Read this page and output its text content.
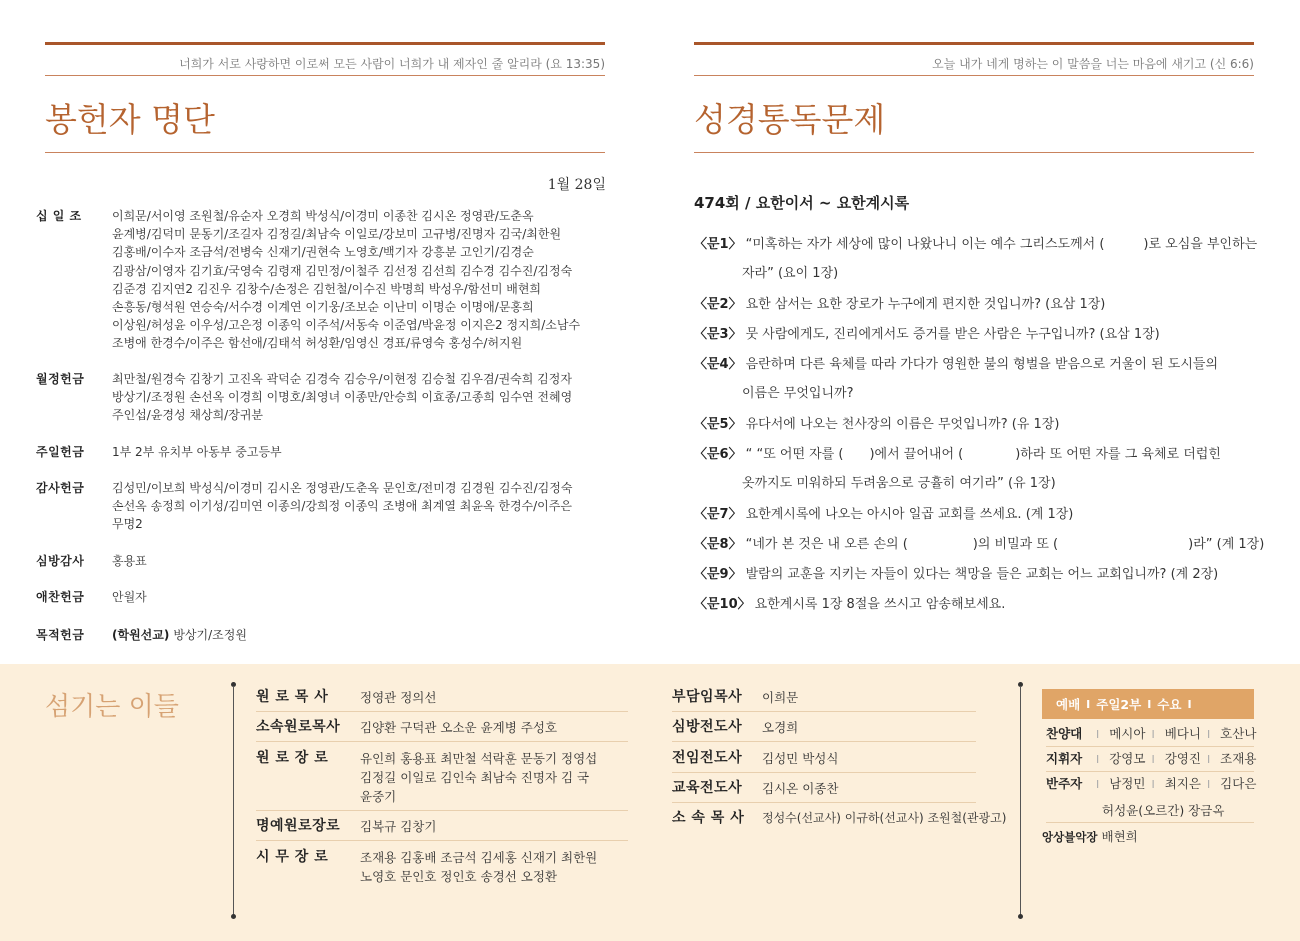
너희가 서로 사랑하면 이로써 모든 사람이 너희가 내 제자인 줄 알리라 (요 13:35)
봉헌자 명단
1월 28일
십 일 조	이희문/서이영 조원철/유순자 오경희 박성식/이경미 이종찬 김시온 정영관/도춘옥

윤계병/김덕미 문동기/조길자 김정길/최남숙 이일로/강보미 고규병/진명자 김국/최한원

김홍배/이수자 조금석/전병숙 신재기/권현숙 노영호/백기자 강흥분 고인기/김경순

김광삼/이영자 김기효/국영숙 김령재 김민정/이철주 김선정 김선희 김수경 김수진/김정숙

김준경 김지연2 김진우 김창수/손정은 김헌철/이수진 박명희 박성우/함선미 배현희

손흥동/형석원 연승숙/서수경 이계연 이기웅/조보순 이난미 이명순 이명애/문홍희

이상원/허성윤 이우성/고은정 이종익 이주석/서동숙 이준엽/박윤정 이지은2 정지희/소남수

조병애 한경수/이주은 함선애/김태석 허성환/임영신 경표/류영숙 홍성수/허지원

월정헌금	최만철/원경숙 김창기 고진옥 곽덕순 김경숙 김승우/이현정 김승철 김우겸/권숙희 김정자

방상기/조정원 손선옥 이경희 이명호/최영녀 이종만/안승희 이효종/고종희 임수연 전혜영

주인섭/윤경성 채상희/장귀분

주일헌금	1부 2부 유치부 아동부 중고등부

감사헌금	김성민/이보희 박성식/이경미 김시온 정영관/도춘옥 문인호/전미경 김경원 김수진/김정숙

손선옥 송정희 이기성/김미연 이종의/강희정 이종익 조병애 최계열 최윤옥 한경수/이주은

무명2

심방감사	홍용표

애찬헌금	안월자

목적헌금	(학원선교) 방상기/조정원

오늘 내가 네게 명하는 이 말씀을 너는 마음에 새기고 (신 6:6)
성경통독문제
474회 / 요한이서 ~ 요한계시록
〈문1〉 “미혹하는 자가 세상에 많이 나왔나니 이는 예수 그리스도께서 (　　　)로 오심을 부인하는
자라” (요이 1장)
〈문2〉 요한 삼서는 요한 장로가 누구에게 편지한 것입니까? (요삼 1장)
〈문3〉 뭇 사람에게도, 진리에게서도 증거를 받은 사람은 누구입니까? (요삼 1장)
〈문4〉 음란하며 다른 육체를 따라 가다가 영원한 불의 형벌을 받음으로 거울이 된 도시들의
이름은 무엇입니까?
〈문5〉 유다서에 나오는 천사장의 이름은 무엇입니까? (유 1장)
〈문6〉 “ “또 어떤 자를 (　　)에서 끌어내어 (　　　　)하라 또 어떤 자를 그 육체로 더럽힌
옷까지도 미워하되 두려움으로 긍휼히 여기라” (유 1장)
〈문7〉 요한계시록에 나오는 아시아 일곱 교회를 쓰세요. (계 1장)
〈문8〉 “네가 본 것은 내 오른 손의 (　　　　　)의 비밀과 또 (　　　　　　　　　　)라” (계 1장)
〈문9〉 발람의 교훈을 지키는 자들이 있다는 책망을 들은 교회는 어느 교회입니까? (계 2장)
〈문10〉 요한계시록 1장 8절을 쓰시고 암송해보세요.
섬기는 이들	원 로 목 사	정영관 정의선

소속원로목사	김양환 구덕관 오소운 윤계병 주성호

원 로 장 로	유인희 홍용표 최만철 석락훈 문동기 정영섭

김정길 이일로 김인숙 최남숙 진명자 김 국

윤중기

명예원로장로	김복규 김창기

시 무 장 로	조재용 김홍배 조금석 김세홍 신재기 최한원

노영호 문인호 정인호 송경선 오정환

부담임목사	이희문

심방전도사	오경희

전임전도사	김성민 박성식

교육전도사	김시온 이종찬

소 속 목 사	정성수(선교사) 이규하(선교사) 조원철(관광고)

예배 I 주일2부 I 수요 I
찬양대 I 메시아 I 베다니 I 호산나
지휘자 I 강영모 I 강영진 I 조재용
반주자 I 남정민 I 최지은 I 김다은
허성윤(오르간) 장금옥
앙상블악장 배현희
